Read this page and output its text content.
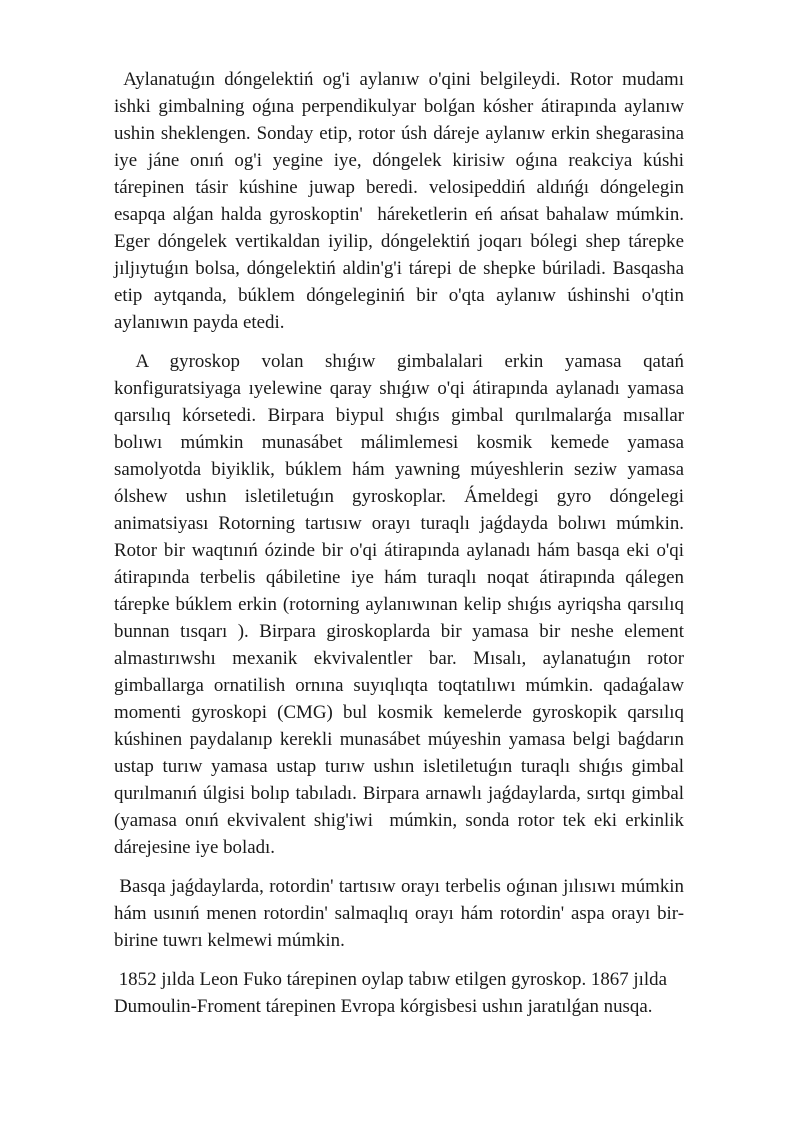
Aylanatuǵın dóngelektiń og'i aylanıw o'qini belgileydi. Rotor mudamı ishki gimbalning oǵına perpendikulyar bolǵan kósher átirapında aylanıw ushin sheklengen. Sonday etip, rotor úsh dáreje aylanıw erkin shegarasina iye jáne onıń og'i yegine iye, dóngelek kirisiw oǵına reakciya kúshi tárepinen tásir kúshine juwap beredi. velosipeddiń aldıńǵı dóngelegin esapqa alǵan halda gyroskoptin'  háreketlerin eń ańsat bahalaw múmkin. Eger dóngelek vertikaldan iyilip, dóngelektiń joqarı bólegi shep tárepke jıljıytuǵın bolsa, dóngelektiń aldin'g'i tárepi de shepke búriladi. Basqasha etip aytqanda, búklem dóngeleginiń bir o'qta aylanıw úshinshi o'qtin aylanıwın payda etedi.

A  gyroskop  volan  shıǵıw  gimbalalari  erkin  yamasa  qatań konfiguratsiyaga ıyelewine qaray shıǵıw o'qi átirapında aylanadı yamasa qarsılıq kórsetedi. Birpara biypul shıǵıs gimbal qurılmalarǵa mısallar bolıwı múmkin munasábet málimlemesi kosmik kemede yamasa samolyotda biyiklik, búklem hám yawning múyeshlerin seziw yamasa ólshew ushın isletiletuǵın gyroskoplar. Ámeldegi gyro dóngelegi animatsiyası Rotorning tartısıw orayı turaqlı jaǵdayda bolıwı múmkin. Rotor bir waqtınıń ózinde bir o'qi átirapında aylanadı hám basqa eki o'qi átirapında terbelis qábiletine iye hám turaqlı noqat átirapında qálegen tárepke búklem erkin (rotorning aylanıwınan kelip shıǵıs ayriqsha qarsılıq bunnan tısqarı ). Birpara giroskoplarda bir yamasa bir neshe element almastırıwshı mexanik ekvivalentler bar. Mısalı, aylanatuǵın rotor gimballarga ornatilish ornına suyıqlıqta toqtatılıwı múmkin. qadaǵalaw momenti gyroskopi (CMG) bul kosmik kemelerde gyroskopik qarsılıq kúshinen paydalanıp kerekli munasábet múyeshin yamasa belgi baǵdarın ustap turıw yamasa ustap turıw ushın isletiletuǵın turaqlı shıǵıs gimbal qurılmanıń úlgisi bolıp tabıladı. Birpara arnawlı jaǵdaylarda, sırtqı gimbal (yamasa onıń ekvivalent shig'iwi  múmkin, sonda rotor tek eki erkinlik dárejesine iye boladı.

Basqa jaǵdaylarda, rotordin' tartısıw orayı terbelis oǵınan jılısıwı múmkin hám usınıń menen rotordin' salmaqlıq orayı hám rotordin' aspa orayı bir-birine tuwrı kelmewi múmkin.

1852 jılda Leon Fuko tárepinen oylap tabıw etilgen gyroskop. 1867 jılda Dumoulin-Froment tárepinen Evropa kórgisbesi ushın jaratılǵan nusqa.
